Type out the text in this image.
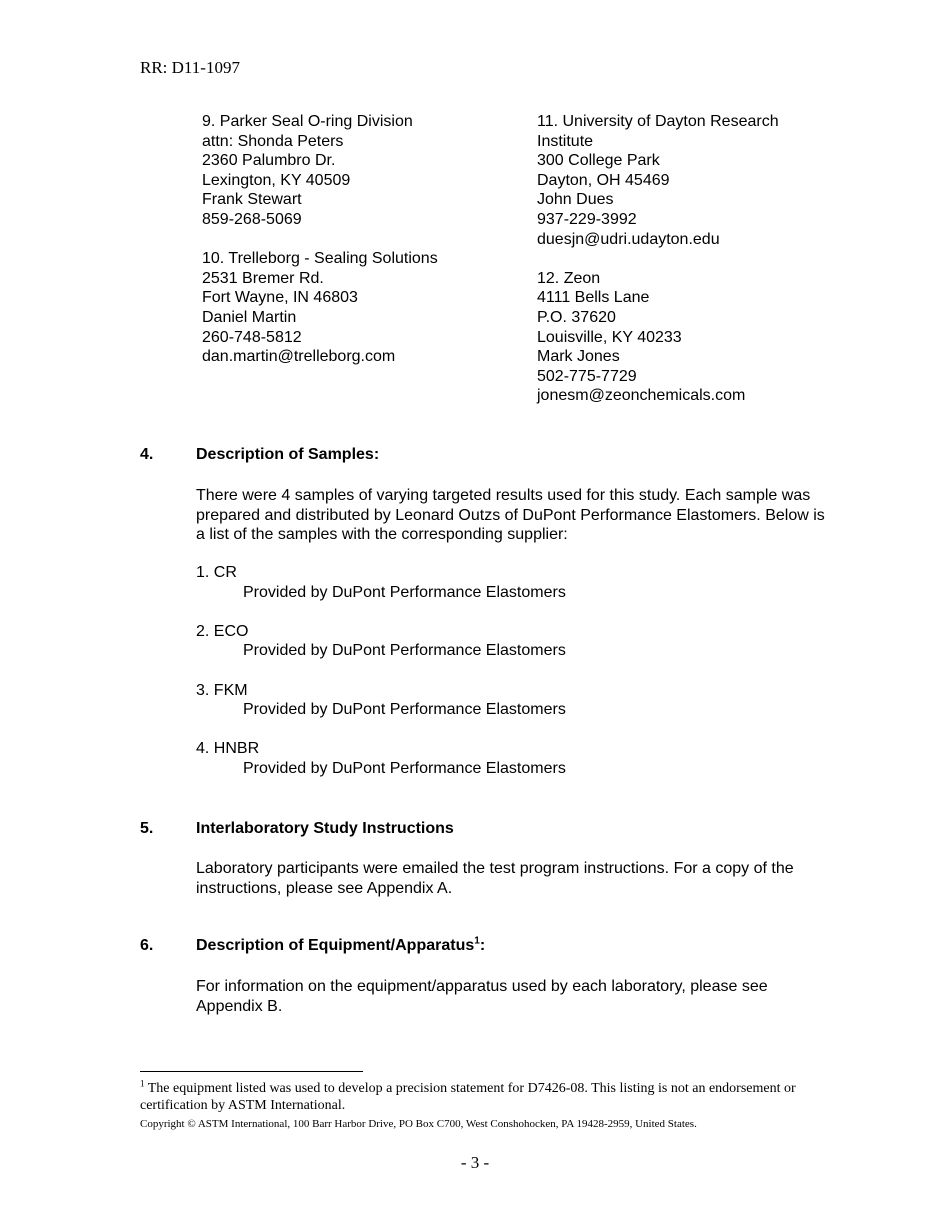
RR: D11-1097
9. Parker Seal O-ring Division
attn: Shonda Peters
2360 Palumbro Dr.
Lexington, KY 40509
Frank Stewart
859-268-5069
10. Trelleborg - Sealing Solutions
2531 Bremer Rd.
Fort Wayne, IN 46803
Daniel Martin
260-748-5812
dan.martin@trelleborg.com
11. University of Dayton Research
Institute
300 College Park
Dayton, OH 45469
John Dues
937-229-3992
duesjn@udri.udayton.edu
12. Zeon
4111 Bells Lane
P.O. 37620
Louisville, KY 40233
Mark Jones
502-775-7729
jonesm@zeonchemicals.com
4.	Description of Samples:
There were 4 samples of varying targeted results used for this study. Each sample was prepared and distributed by Leonard Outzs of DuPont Performance Elastomers. Below is a list of the samples with the corresponding supplier:
1. CR
Provided by DuPont Performance Elastomers
2. ECO
Provided by DuPont Performance Elastomers
3. FKM
Provided by DuPont Performance Elastomers
4. HNBR
Provided by DuPont Performance Elastomers
5.	Interlaboratory Study Instructions
Laboratory participants were emailed the test program instructions. For a copy of the instructions, please see Appendix A.
6.	Description of Equipment/Apparatus$^1$:
For information on the equipment/apparatus used by each laboratory, please see Appendix B.
$^1$ The equipment listed was used to develop a precision statement for D7426-08. This listing is not an endorsement or certification by ASTM International.
Copyright © ASTM International, 100 Barr Harbor Drive, PO Box C700, West Conshohocken, PA 19428-2959, United States.
- 3 -
